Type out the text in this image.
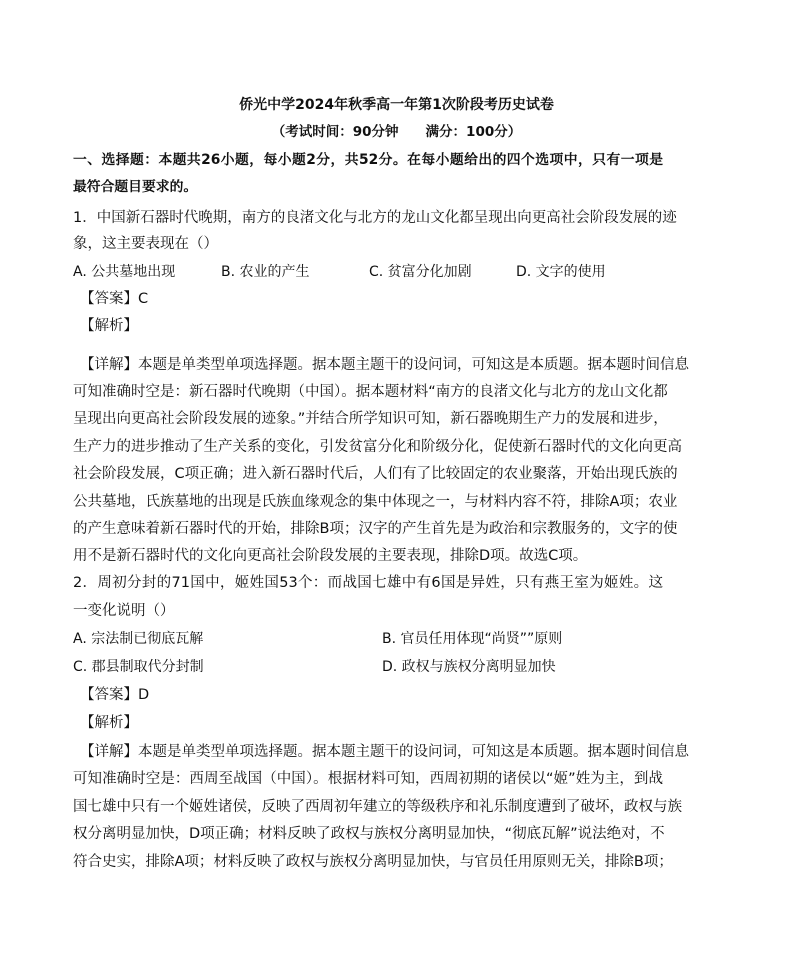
侨光中学2024年秋季高一年第1次阶段考历史试卷
（考试时间：90分钟　　满分：100分）
一、选择题：本题共26小题，每小题2分，共52分。在每小题给出的四个选项中，只有一项是
最符合题目要求的。
1．中国新石器时代晚期，南方的良渚文化与北方的龙山文化都呈现出向更高社会阶段发展的迹
象，这主要表现在（）
A. 公共墓地出现	B. 农业的产生	C. 贫富分化加剧	D. 文字的使用
【答案】C
【解析】
【详解】本题是单类型单项选择题。据本题主题干的设问词，可知这是本质题。据本题时间信息
可知准确时空是：新石器时代晚期（中国）。据本题材料“南方的良渚文化与北方的龙山文化都
呈现出向更高社会阶段发展的迹象。”并结合所学知识可知，新石器晚期生产力的发展和进步，
生产力的进步推动了生产关系的变化，引发贫富分化和阶级分化，促使新石器时代的文化向更高
社会阶段发展，C项正确；进入新石器时代后，人们有了比较固定的农业聚落，开始出现氏族的
公共墓地，氏族墓地的出现是氏族血缘观念的集中体现之一，与材料内容不符，排除A项；农业
的产生意味着新石器时代的开始，排除B项；汉字的产生首先是为政治和宗教服务的，文字的使
用不是新石器时代的文化向更高社会阶段发展的主要表现，排除D项。故选C项。
2．周初分封的71国中，姬姓国53个：而战国七雄中有6国是异姓，只有燕王室为姬姓。这
一变化说明（）
A. 宗法制已彻底瓦解	B. 官员任用体现“尚贤””原则
C. 郡县制取代分封制	D. 政权与族权分离明显加快
【答案】D
【解析】
【详解】本题是单类型单项选择题。据本题主题干的设问词，可知这是本质题。据本题时间信息
可知准确时空是：西周至战国（中国）。根据材料可知，西周初期的诸侯以“姬”姓为主，到战
国七雄中只有一个姬姓诸侯，反映了西周初年建立的等级秩序和礼乐制度遭到了破坏，政权与族
权分离明显加快，D项正确；材料反映了政权与族权分离明显加快，“彻底瓦解”说法绝对，不
符合史实，排除A项；材料反映了政权与族权分离明显加快，与官员任用原则无关，排除B项；
